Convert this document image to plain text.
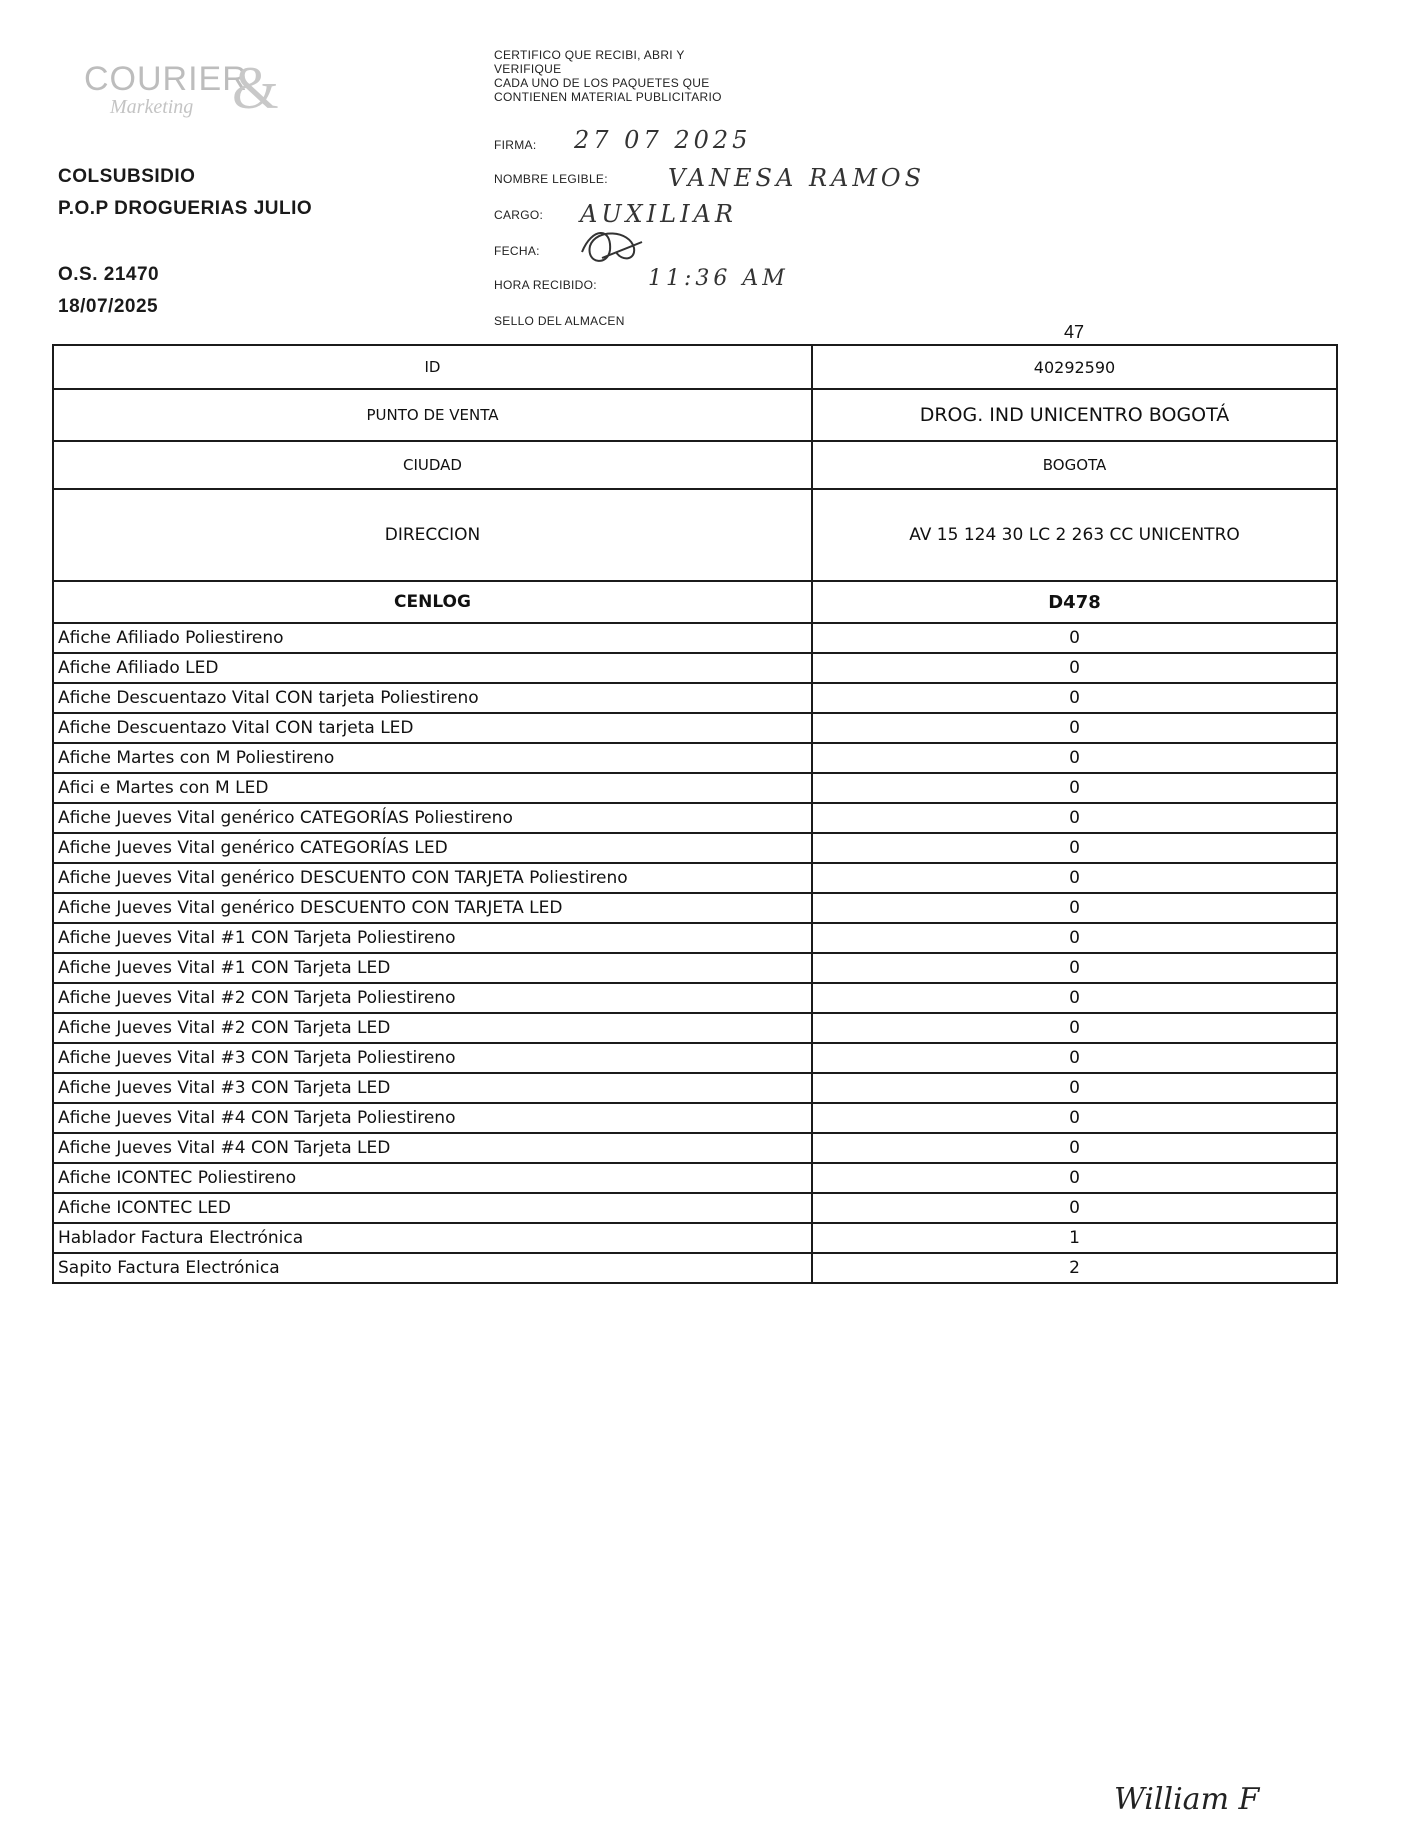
COURIER
Marketing &
COLSUBSIDIO
P.O.P DROGUERIAS JULIO
O.S. 21470
18/07/2025
CERTIFICO QUE RECIBI, ABRI Y
VERIFIQUE
CADA UNO DE LOS PAQUETES QUE
CONTIENEN MATERIAL PUBLICITARIO
FIRMA: 27 07 2025
NOMBRE LEGIBLE:	VANESA RAMOS
CARGO: AUXILIAR
FECHA:
HORA RECIBIDO: 11:36 AM
SELLO DEL ALMACEN
47
ID	40292590
PUNTO DE VENTA	DROG. IND UNICENTRO BOGOTÁ
CIUDAD	BOGOTA
DIRECCION	AV 15 124 30 LC 2 263 CC UNICENTRO
CENLOG	D478
Afiche Afiliado Poliestireno	0
Afiche Afiliado LED	0
Afiche Descuentazo Vital CON tarjeta Poliestireno	0
Afiche Descuentazo Vital CON tarjeta LED	0
Afiche Martes con M Poliestireno	0
Afici e Martes con M LED	0
Afiche Jueves Vital genérico CATEGORÍAS Poliestireno	0
Afiche Jueves Vital genérico CATEGORÍAS LED	0
Afiche Jueves Vital genérico DESCUENTO CON TARJETA Poliestireno	0
Afiche Jueves Vital genérico DESCUENTO CON TARJETA LED	0
Afiche Jueves Vital #1 CON Tarjeta Poliestireno	0
Afiche Jueves Vital #1 CON Tarjeta LED	0
Afiche Jueves Vital #2 CON Tarjeta Poliestireno	0
Afiche Jueves Vital #2 CON Tarjeta LED	0
Afiche Jueves Vital #3 CON Tarjeta Poliestireno	0
Afiche Jueves Vital #3 CON Tarjeta LED	0
Afiche Jueves Vital #4 CON Tarjeta Poliestireno	0
Afiche Jueves Vital #4 CON Tarjeta LED	0
Afiche ICONTEC Poliestireno	0
Afiche ICONTEC LED	0
Hablador Factura Electrónica	1
Sapito Factura Electrónica	2
William F
